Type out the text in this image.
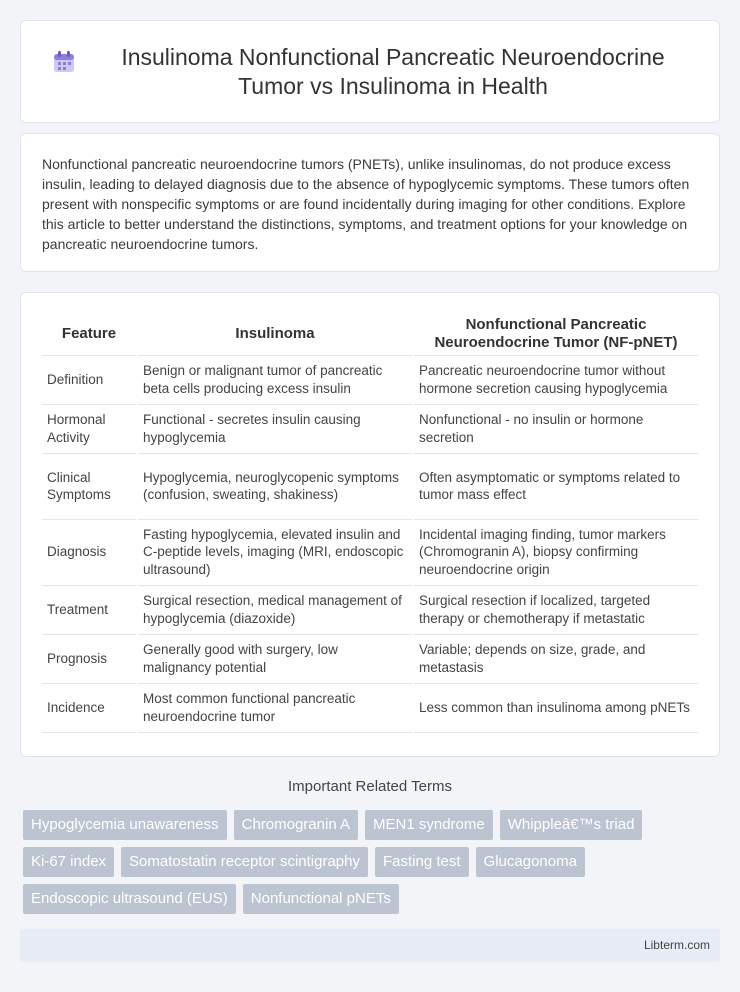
Insulinoma Nonfunctional Pancreatic Neuroendocrine Tumor vs Insulinoma in Health

Nonfunctional pancreatic neuroendocrine tumors (PNETs), unlike insulinomas, do not produce excess insulin, leading to delayed diagnosis due to the absence of hypoglycemic symptoms. These tumors often present with nonspecific symptoms or are found incidentally during imaging for other conditions. Explore this article to better understand the distinctions, symptoms, and treatment options for your knowledge on pancreatic neuroendocrine tumors.

Feature	Insulinoma	Nonfunctional Pancreatic Neuroendocrine Tumor (NF-pNET)
Definition	Benign or malignant tumor of pancreatic beta cells producing excess insulin	Pancreatic neuroendocrine tumor without hormone secretion causing hypoglycemia
Hormonal Activity	Functional - secretes insulin causing hypoglycemia	Nonfunctional - no insulin or hormone secretion
Clinical Symptoms	Hypoglycemia, neuroglycopenic symptoms (confusion, sweating, shakiness)	Often asymptomatic or symptoms related to tumor mass effect
Diagnosis	Fasting hypoglycemia, elevated insulin and C-peptide levels, imaging (MRI, endoscopic ultrasound)	Incidental imaging finding, tumor markers (Chromogranin A), biopsy confirming neuroendocrine origin
Treatment	Surgical resection, medical management of hypoglycemia (diazoxide)	Surgical resection if localized, targeted therapy or chemotherapy if metastatic
Prognosis	Generally good with surgery, low malignancy potential	Variable; depends on size, grade, and metastasis
Incidence	Most common functional pancreatic neuroendocrine tumor	Less common than insulinoma among pNETs
Important Related Terms
Hypoglycemia unawareness	Chromogranin A	MEN1 syndrome	Whippleâ€™s triad
Ki-67 index	Somatostatin receptor scintigraphy	Fasting test	Glucagonoma
Endoscopic ultrasound (EUS)	Nonfunctional pNETs
Libterm.com
